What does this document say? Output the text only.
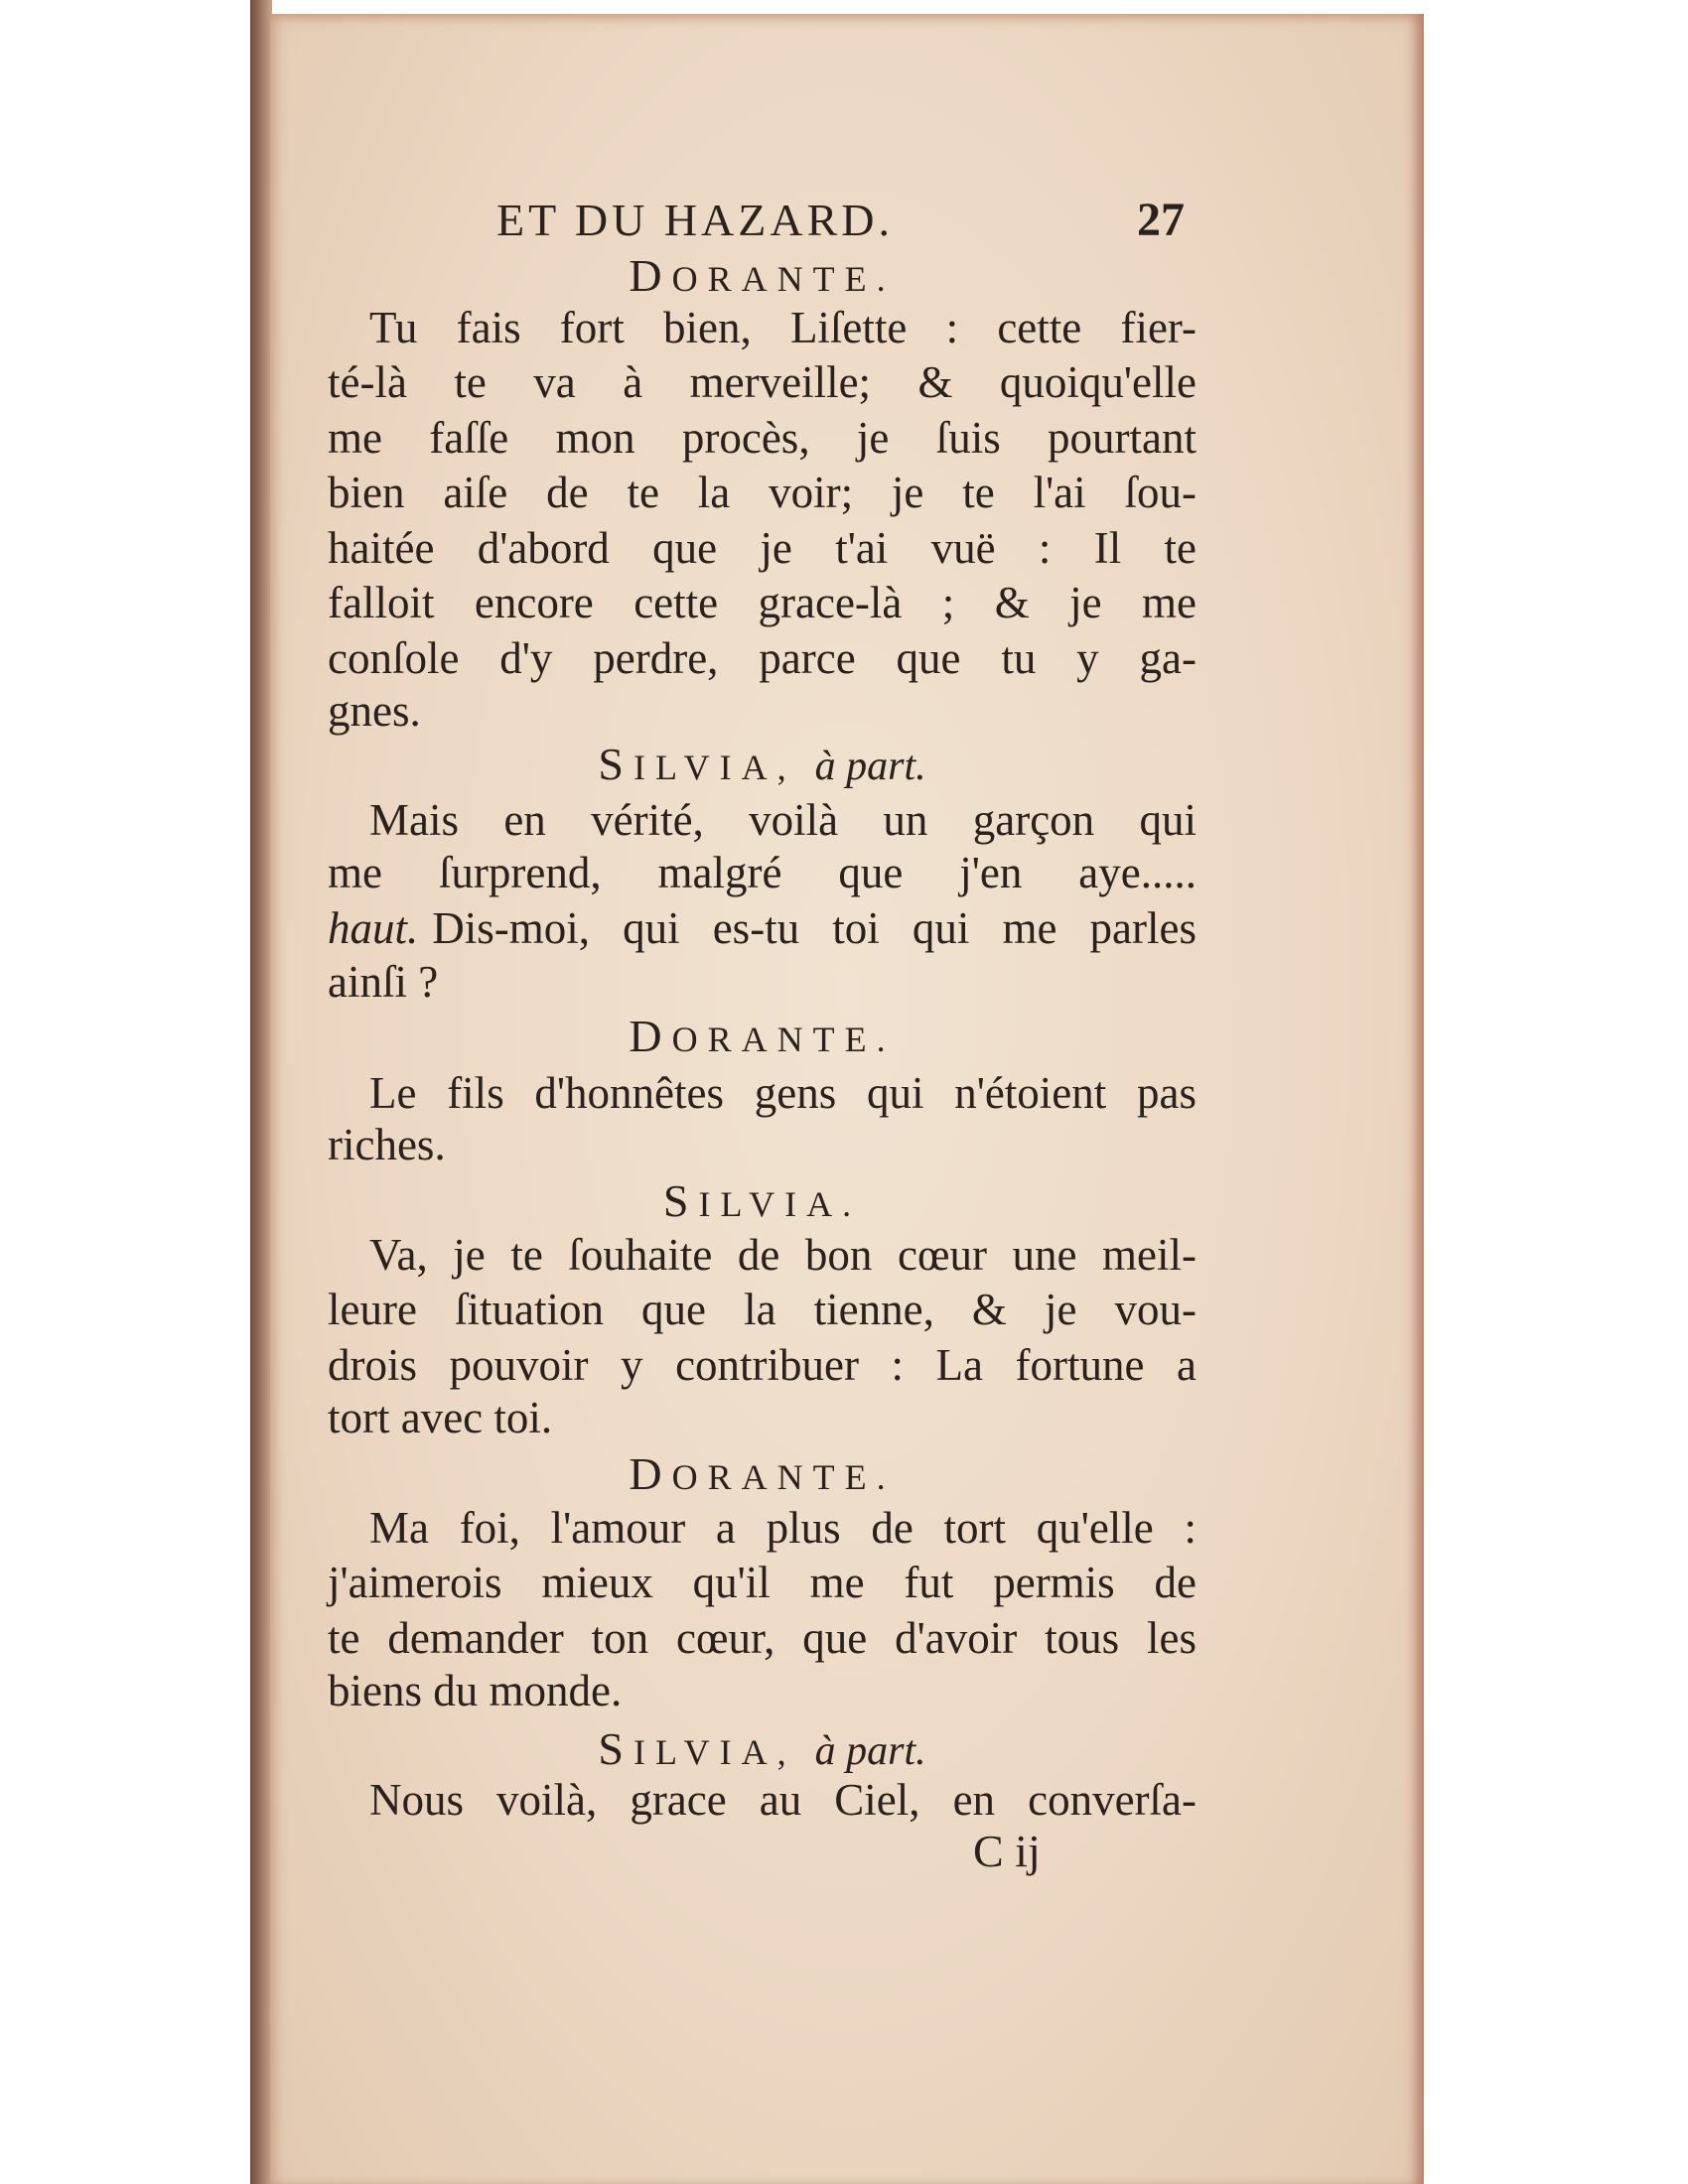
ET DU HAZARD.	27
DORANTE.
Tu fais fort bien, Liſette : cette fier-
té-là te va à merveille; & quoiqu'elle
me faſſe mon procès, je ſuis pourtant
bien aiſe de te la voir; je te l'ai ſou-
haitée d'abord que je t'ai vuë : Il te
falloit encore cette grace-là ; & je me
conſole d'y perdre, parce que tu y ga-
gnes.
SILVIA, à part.
Mais en vérité, voilà un garçon qui
me ſurprend, malgré que j'en aye.....
haut. Dis-moi, qui es-tu toi qui me parles
ainſi ?
DORANTE.
Le fils d'honnêtes gens qui n'étoient pas
riches.
SILVIA.
Va, je te ſouhaite de bon cœur une meil-
leure ſituation que la tienne, & je vou-
drois pouvoir y contribuer : La fortune a
tort avec toi.
DORANTE.
Ma foi, l'amour a plus de tort qu'elle :
j'aimerois mieux qu'il me fut permis de
te demander ton cœur, que d'avoir tous les
biens du monde.
SILVIA, à part.
Nous voilà, grace au Ciel, en converſa-
C ij
